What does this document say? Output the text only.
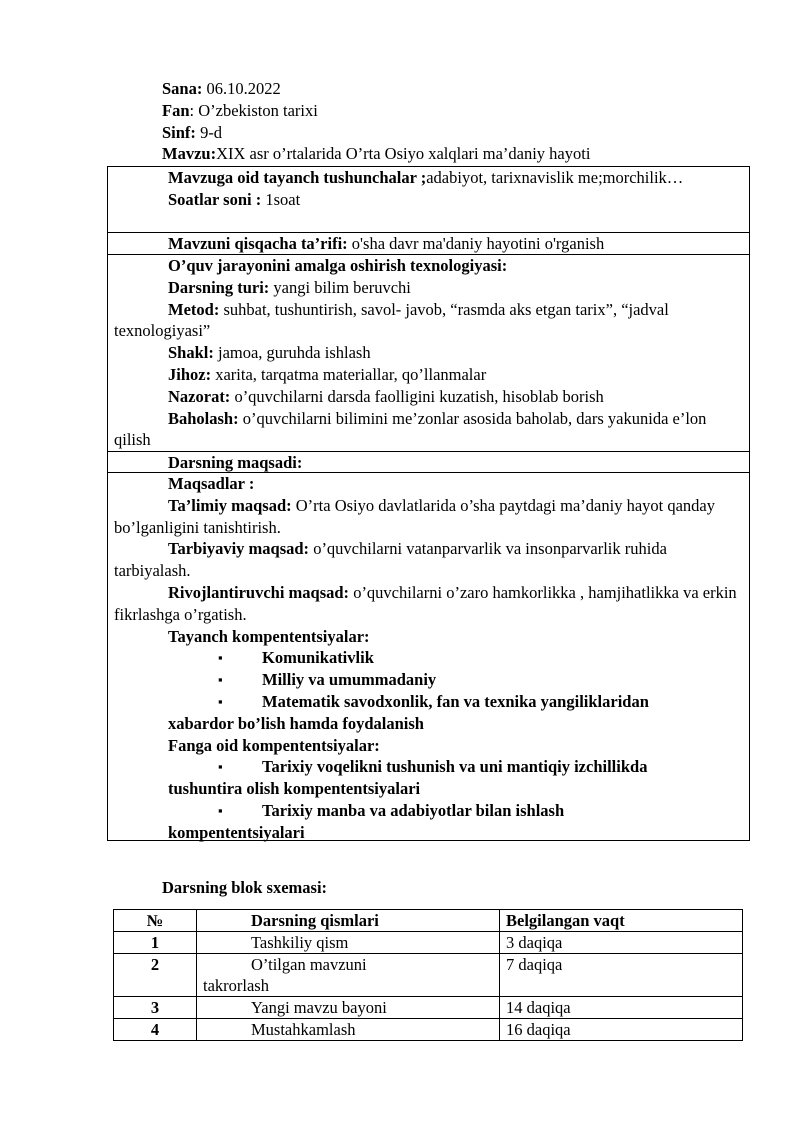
Sana: 06.10.2022
Fan: O’zbekiston tarixi
Sinf: 9-d
Mavzu:XIX asr o’rtalarida O’rta Osiyo xalqlari ma’daniy hayoti

Mavzuga oid tayanch tushunchalar ;adabiyot, tarixnavislik me;morchilik…

Soatlar soni : 1soat

Mavzuni qisqacha ta’rifi: o'sha davr ma'daniy hayotini o'rganish

O’quv jarayonini amalga oshirish texnologiyasi:

Darsning turi: yangi bilim beruvchi

Metod: suhbat, tushuntirish, savol- javob, “rasmda aks etgan tarix”, “jadval texnologiyasi”

Shakl: jamoa, guruhda ishlash

Jihoz: xarita, tarqatma materiallar, qo’llanmalar

Nazorat: o’quvchilarni darsda faolligini kuzatish, hisoblab borish

Baholash: o’quvchilarni bilimini me’zonlar asosida baholab, dars yakunida e’lon qilish

Darsning maqsadi:

Maqsadlar :

Ta’limiy maqsad: O’rta Osiyo davlatlarida o’sha paytdagi ma’daniy hayot qanday bo’lganligini tanishtirish.

Tarbiyaviy maqsad: o’quvchilarni vatanparvarlik va insonparvarlik ruhida tarbiyalash.

Rivojlantiruvchi maqsad: o’quvchilarni o’zaro hamkorlikka , hamjihatlikka va erkin fikrlashga o’rgatish.

Tayanch kompententsiyalar:

▪	Komunikativlik

▪	Milliy va umummadaniy

▪	Matematik savodxonlik, fan va texnika yangiliklaridan

xabardor bo’lish hamda foydalanish

Fanga oid kompententsiyalar:

▪	Tarixiy voqelikni tushunish va uni mantiqiy izchillikda

tushuntira olish kompententsiyalari

▪	Tarixiy manba va adabiyotlar bilan ishlash

kompententsiyalari

Darsning blok sxemasi:
№	Darsning qismlari	Belgilangan vaqt
1	Tashkiliy qism	3 daqiqa
2	O’tilgan mavzuni
takrorlash	7 daqiqa
3	Yangi mavzu bayoni	14 daqiqa
4	Mustahkamlash	16 daqiqa
